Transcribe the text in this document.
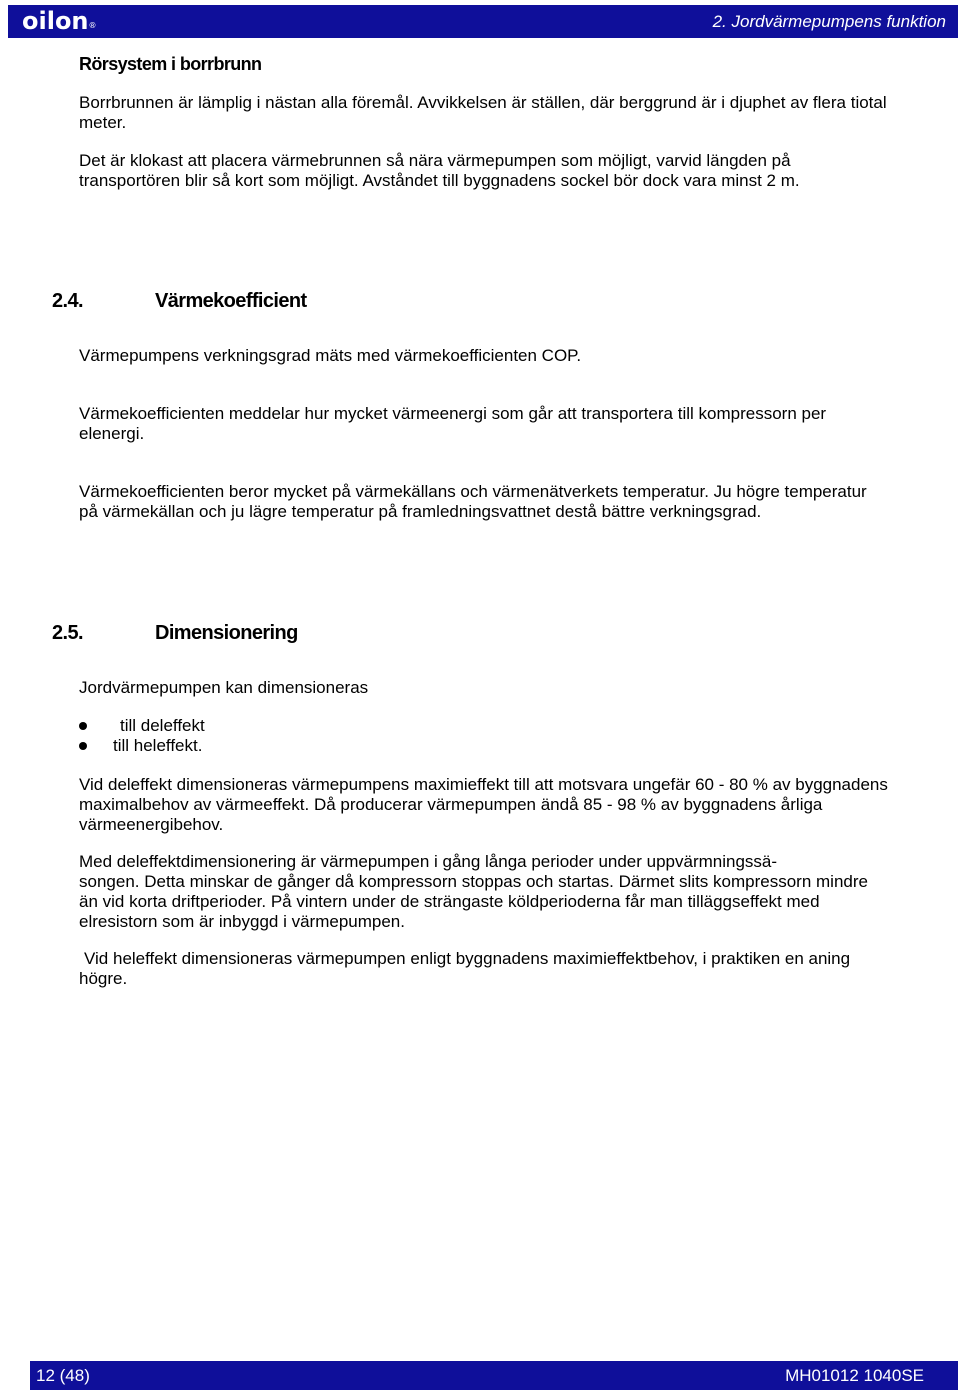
oilon®	2. Jordvärmepumpens funktion
Rörsystem i borrbrunn
Borrbrunnen är lämplig i nästan alla föremål. Avvikkelsen är ställen, där berggrund är i djuphet av flera tiotal meter.
Det är klokast att placera värmebrunnen så nära värmepumpen som möjligt, varvid längden på transportören blir så kort som möjligt. Avståndet till byggnadens sockel bör dock vara minst 2 m.
2.4.	Värmekoefficient
Värmepumpens verkningsgrad mäts med värmekoefficienten COP.
Värmekoefficienten meddelar hur mycket värmeenergi som går att transportera till kompressorn per elenergi.
Värmekoefficienten beror mycket på värmekällans och värmenätverkets temperatur. Ju högre temperatur på värmekällan och ju lägre temperatur på framledningsvattnet destå bättre verkningsgrad.
2.5.	Dimensionering
Jordvärmepumpen kan dimensioneras
till deleffekt
till heleffekt.
Vid deleffekt dimensioneras värmepumpens maximieffekt till att motsvara ungefär 60 - 80 % av byggnadens maximalbehov av värmeeffekt. Då producerar värmepumpen ändå 85 - 98 % av byggnadens årliga värmeenergibehov.
Med deleffektdimensionering är värmepumpen i gång långa perioder under uppvärmningssä-
songen. Detta minskar de gånger då kompressorn stoppas och startas. Därmet slits kompressorn mindre än vid korta driftperioder. På vintern under de strängaste köldperioderna får man tilläggseffekt med elresistorn som är inbyggd i värmepumpen.
Vid heleffekt dimensioneras värmepumpen enligt byggnadens maximieffektbehov, i praktiken en aning högre.
12 (48)	MH01012 1040SE
